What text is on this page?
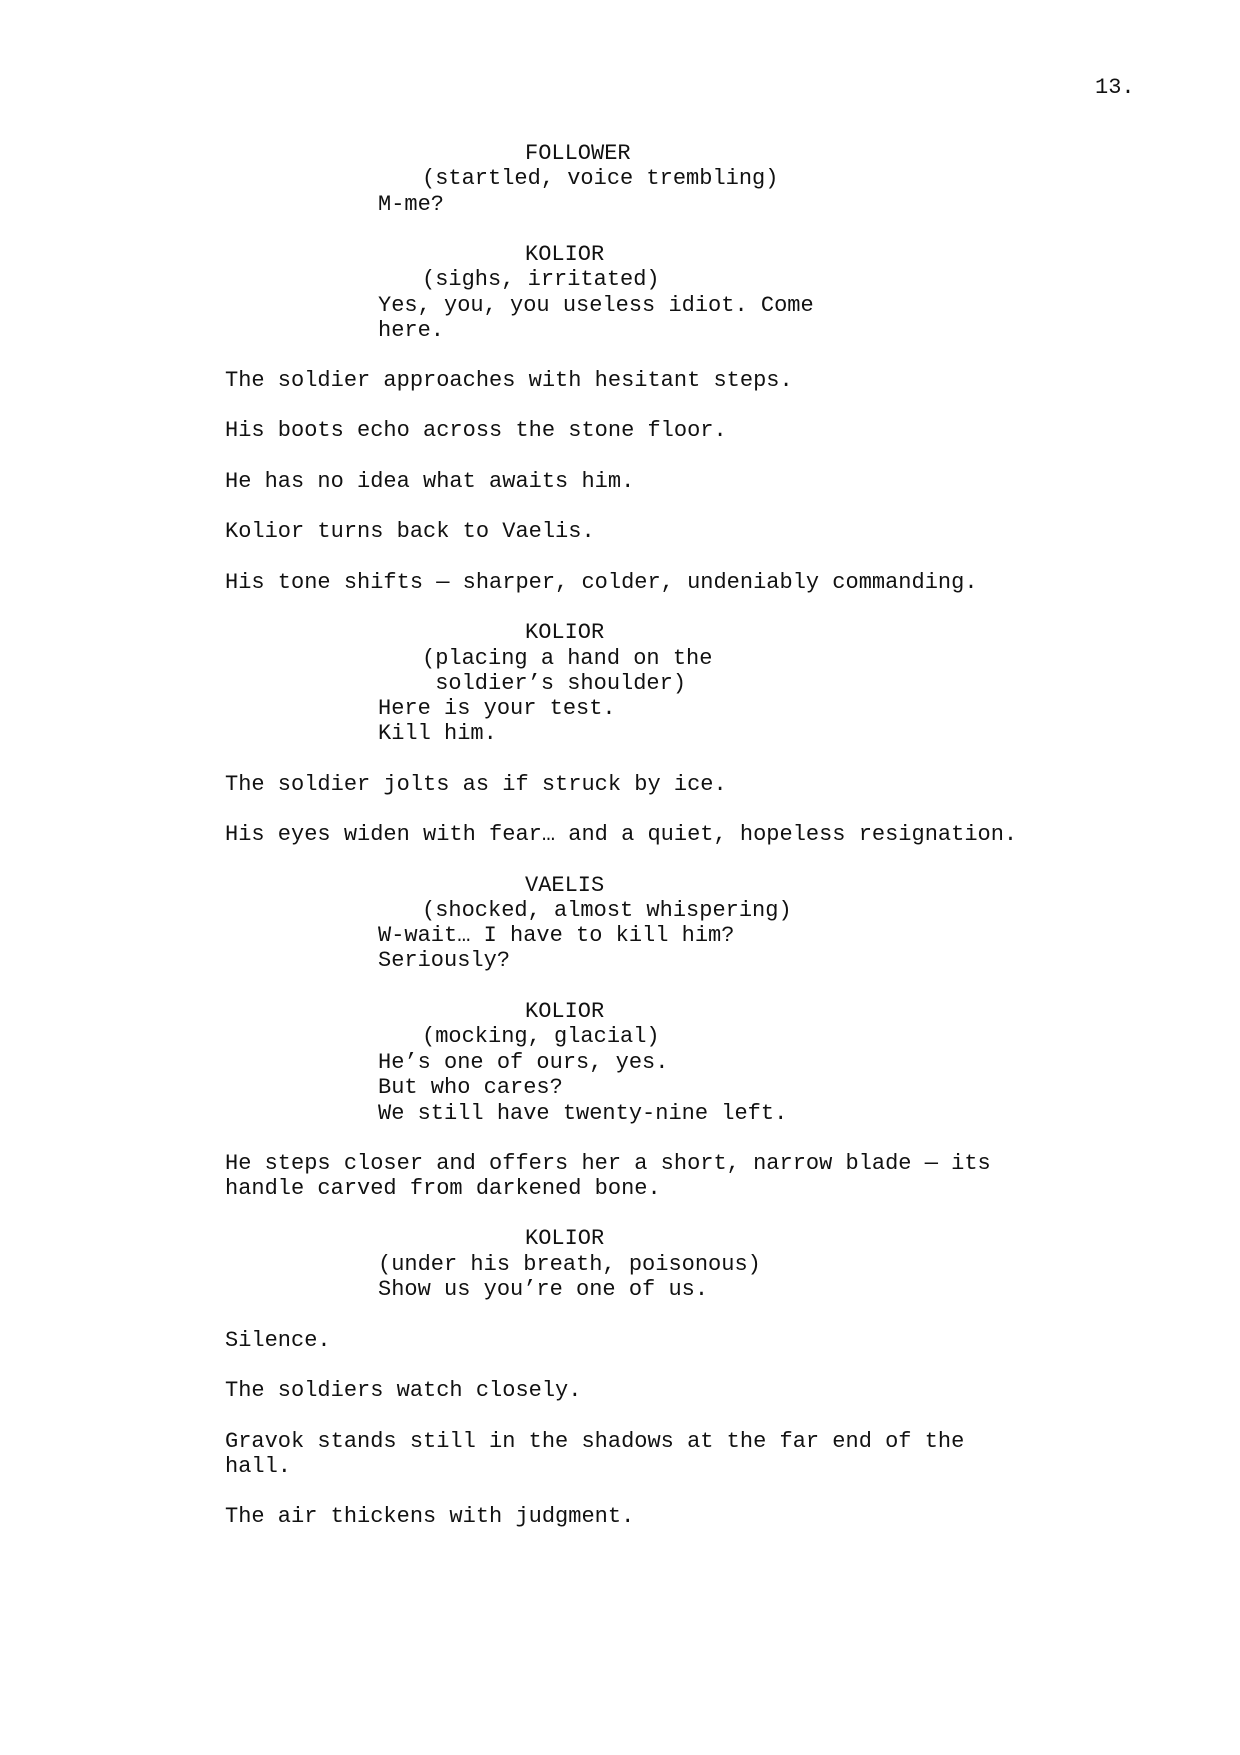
13.
FOLLOWER
(startled, voice trembling)
M-me?
KOLIOR
(sighs, irritated)
Yes, you, you useless idiot. Come
here.
The soldier approaches with hesitant steps.
His boots echo across the stone floor.
He has no idea what awaits him.
Kolior turns back to Vaelis.
His tone shifts — sharper, colder, undeniably commanding.
KOLIOR
(placing a hand on the
soldier’s shoulder)
Here is your test.
Kill him.
The soldier jolts as if struck by ice.
His eyes widen with fear… and a quiet, hopeless resignation.
VAELIS
(shocked, almost whispering)
W-wait… I have to kill him?
Seriously?
KOLIOR
(mocking, glacial)
He’s one of ours, yes.
But who cares?
We still have twenty-nine left.
He steps closer and offers her a short, narrow blade — its
handle carved from darkened bone.
KOLIOR
(under his breath, poisonous)
Show us you’re one of us.
Silence.
The soldiers watch closely.
Gravok stands still in the shadows at the far end of the
hall.
The air thickens with judgment.
